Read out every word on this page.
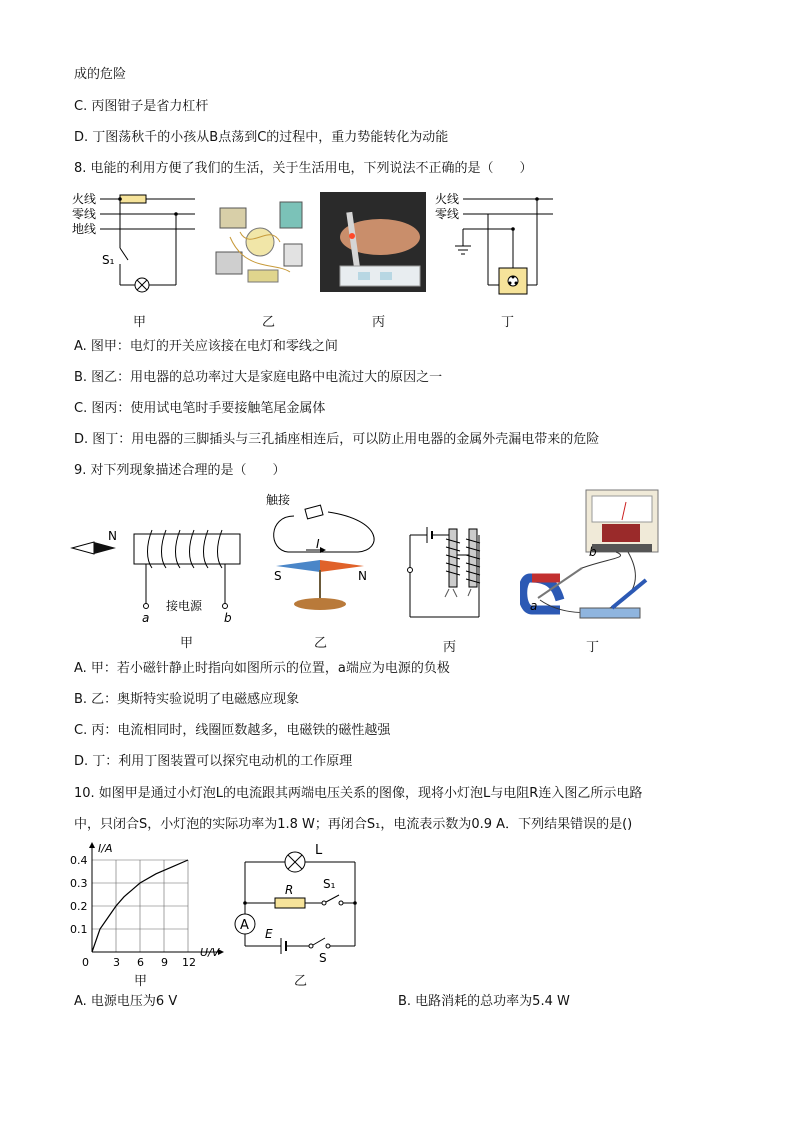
成的危险
C. 丙图钳子是省力杠杆
D. 丁图荡秋千的小孩从B点荡到C的过程中，重力势能转化为动能
8. 电能的利用方便了我们的生活，关于生活用电，下列说法不正确的是（　　）
火线
零线
地线
S₁
甲	乙	丙
火线
零线
丁
A. 图甲：电灯的开关应该接在电灯和零线之间
B. 图乙：用电器的总功率过大是家庭电路中电流过大的原因之一
C. 图丙：使用试电笔时手要接触笔尾金属体
D. 图丁：用电器的三脚插头与三孔插座相连后，可以防止用电器的金属外壳漏电带来的危险
9. 对下列现象描述合理的是（　　）
N
接电源
a	b
甲
触接
I
S	N
乙	丙
a
b
丁
A. 甲：若小磁针静止时指向如图所示的位置，a端应为电源的负极
B. 乙：奥斯特实验说明了电磁感应现象
C. 丙：电流相同时，线圈匝数越多，电磁铁的磁性越强
D. 丁：利用丁图装置可以探究电动机的工作原理
10. 如图甲是通过小灯泡L的电流跟其两端电压关系的图像，现将小灯泡L与电阻R连入图乙所示电路
中，只闭合S，小灯泡的实际功率为1.8 W；再闭合S₁，电流表示数为0.9 A．下列结果错误的是()
I/A
U/V
0.4
0.3
0.2
0.1
0 3 6 9 12
甲
L
R S₁
A
E
S
乙
A. 电源电压为6 V	B. 电路消耗的总功率为5.4 W
